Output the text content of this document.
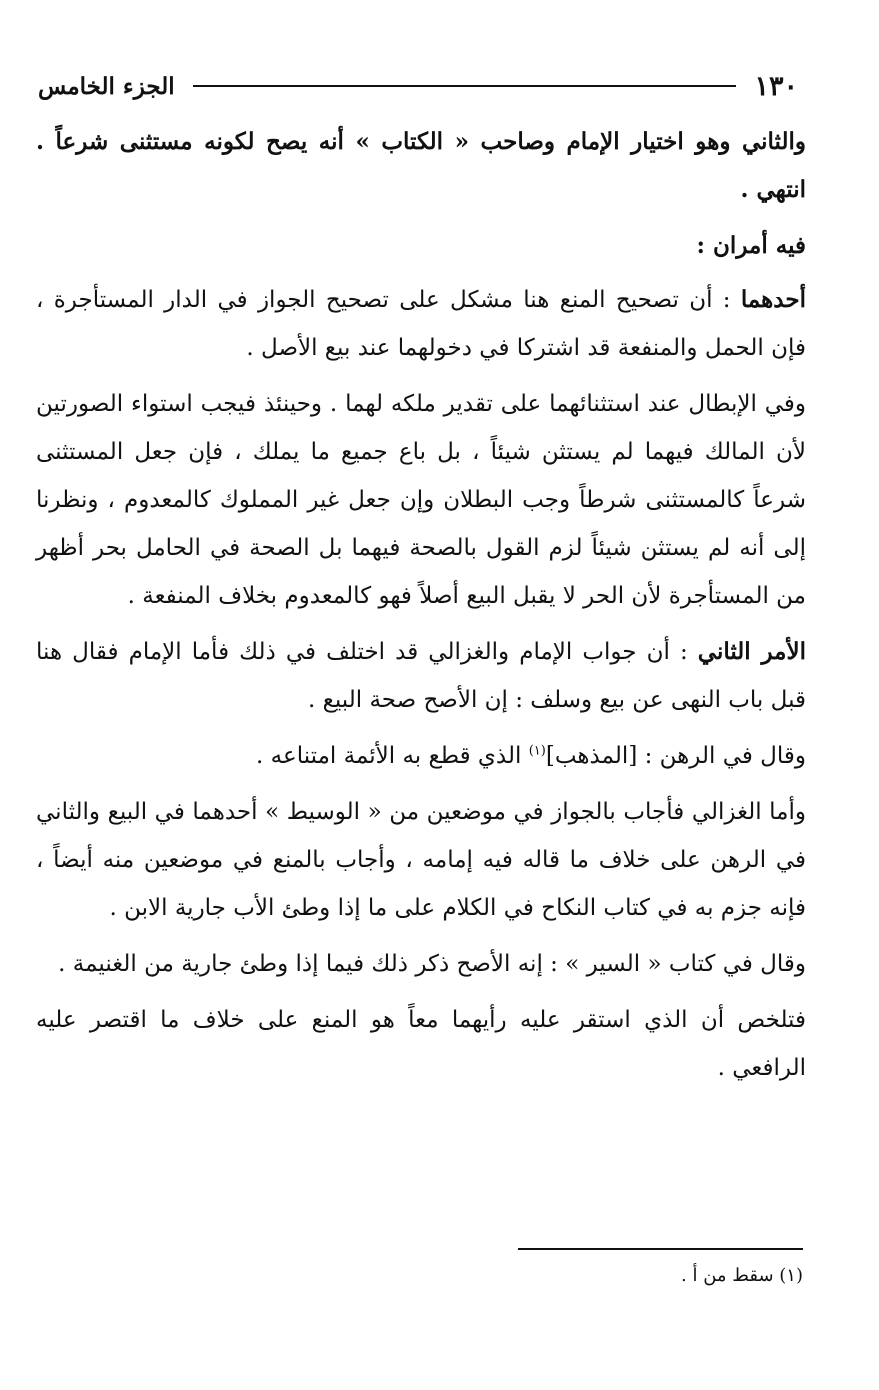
١٣٠
الجزء الخامس

والثاني وهو اختيار الإمام وصاحب « الكتاب » أنه يصح لكونه مستثنى شرعاً . انتهي .

فيه أمران :

أحدهما : أن تصحيح المنع هنا مشكل على تصحيح الجواز في الدار المستأجرة ، فإن الحمل والمنفعة قد اشتركا في دخولهما عند بيع الأصل .

وفي الإبطال عند استثنائهما على تقدير ملكه لهما . وحينئذ فيجب استواء الصورتين لأن المالك فيهما لم يستثن شيئاً ، بل باع جميع ما يملك ، فإن جعل المستثنى شرعاً كالمستثنى شرطاً وجب البطلان وإن جعل غير المملوك كالمعدوم ، ونظرنا إلى أنه لم يستثن شيئاً لزم القول بالصحة فيهما بل الصحة في الحامل بحر أظهر من المستأجرة لأن الحر لا يقبل البيع أصلاً فهو كالمعدوم بخلاف المنفعة .

الأمر الثاني : أن جواب الإمام والغزالي قد اختلف في ذلك فأما الإمام فقال هنا قبل باب النهى عن بيع وسلف : إن الأصح صحة البيع .

وقال في الرهن : [المذهب]$^{(١)}$ الذي قطع به الأئمة امتناعه .

وأما الغزالي فأجاب بالجواز في موضعين من « الوسيط » أحدهما في البيع والثاني في الرهن على خلاف ما قاله فيه إمامه ، وأجاب بالمنع في موضعين منه أيضاً ، فإنه جزم به في كتاب النكاح في الكلام على ما إذا وطئ الأب جارية الابن .

وقال في كتاب « السير » : إنه الأصح ذكر ذلك فيما إذا وطئ جارية من الغنيمة .

فتلخص أن الذي استقر عليه رأيهما معاً هو المنع على خلاف ما اقتصر عليه الرافعي .

(١) سقط من أ .
